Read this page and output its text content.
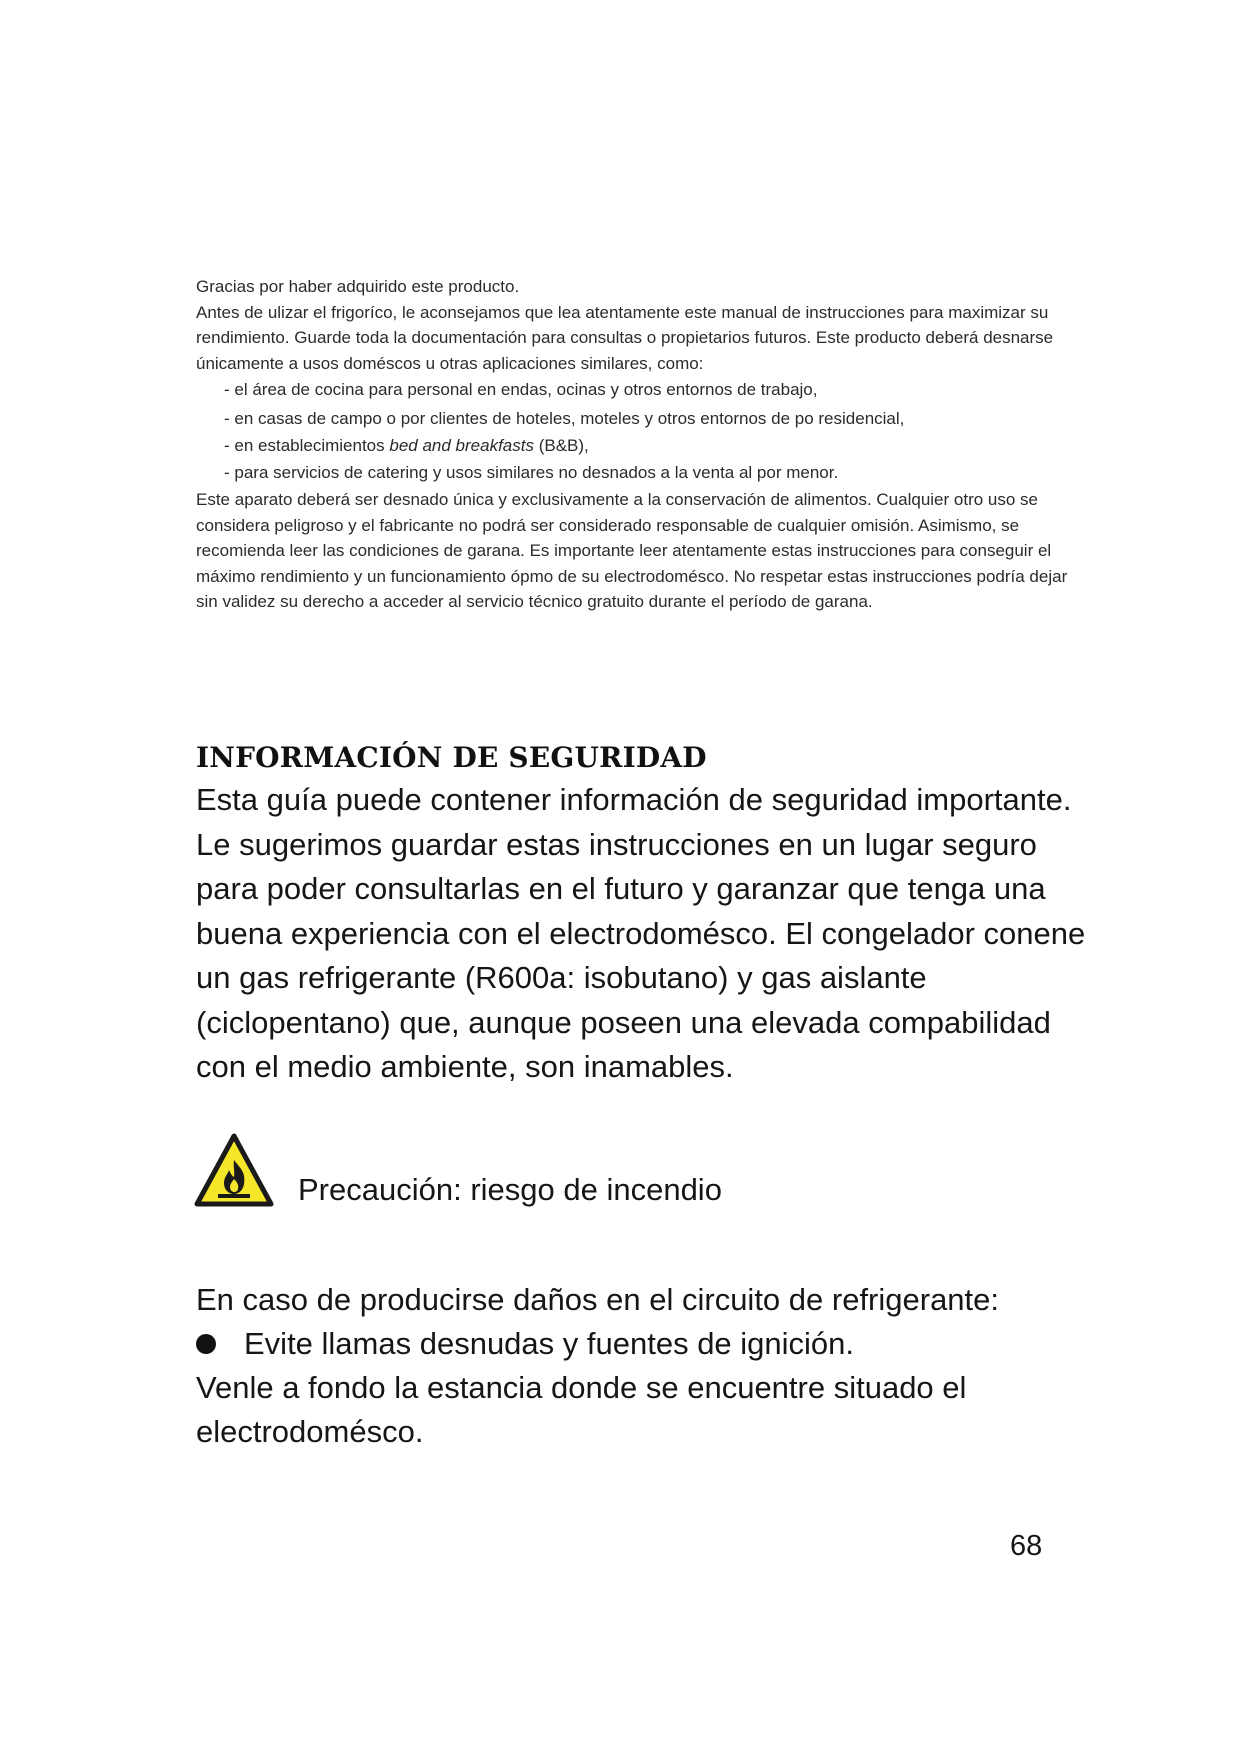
Gracias por haber adquirido este producto.

Antes de ulizar el frigoríco, le aconsejamos que lea atentamente este manual de instrucciones para maximizar su rendimiento. Guarde toda la documentación para consultas o propietarios futuros. Este producto deberá desnarse únicamente a usos doméscos u otras aplicaciones similares, como:

- el área de cocina para personal en endas, ocinas y otros entornos de trabajo,

- en casas de campo o por clientes de hoteles, moteles y otros entornos de po residencial,

- en establecimientos bed and breakfasts (B&B),

- para servicios de catering y usos similares no desnados a la venta al por menor.

Este aparato deberá ser desnado única y exclusivamente a la conservación de alimentos. Cualquier otro uso se considera peligroso y el fabricante no podrá ser considerado responsable de cualquier omisión. Asimismo, se recomienda leer las condiciones de garana. Es importante leer atentamente estas instrucciones para conseguir el máximo rendimiento y un funcionamiento ópmo de su electrodomésco. No respetar estas instrucciones podría dejar sin validez su derecho a acceder al servicio técnico gratuito durante el período de garana.

INFORMACIÓN DE SEGURIDAD

Esta guía puede contener información de seguridad importante. Le sugerimos guardar estas instrucciones en un lugar seguro para poder consultarlas en el futuro y garanzar que tenga una buena experiencia con el electrodomésco. El congelador conene un gas refrigerante (R600a: isobutano) y gas aislante (ciclopentano) que, aunque poseen una elevada compabilidad con el medio ambiente, son inamables.

Precaución: riesgo de incendio

En caso de producirse daños en el circuito de refrigerante:

Evite llamas desnudas y fuentes de ignición.

Venle a fondo la estancia donde se encuentre situado el electrodomésco.

68
